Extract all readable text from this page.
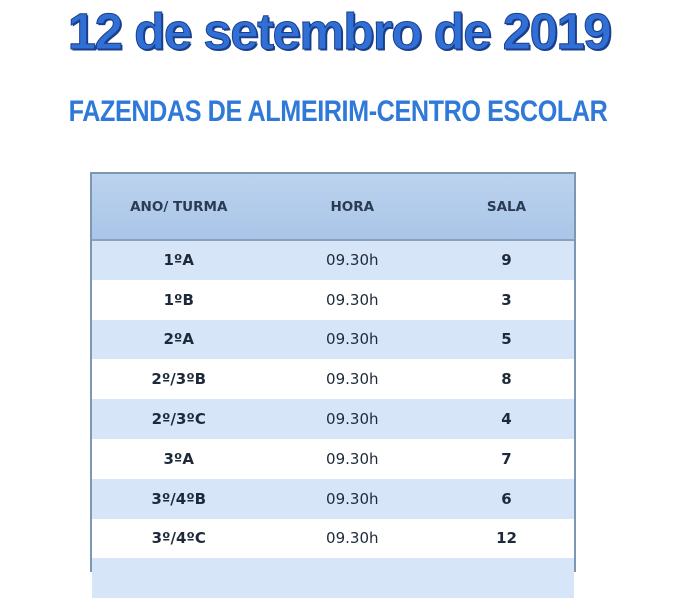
12 de setembro de 2019
FAZENDAS DE ALMEIRIM-CENTRO ESCOLAR
ANO/ TURMA	HORA	SALA
1ºA	09.30h	9
1ºB	09.30h	3
2ºA	09.30h	5
2º/3ºB	09.30h	8
2º/3ºC	09.30h	4
3ºA	09.30h	7
3º/4ºB	09.30h	6
3º/4ºC	09.30h	12
